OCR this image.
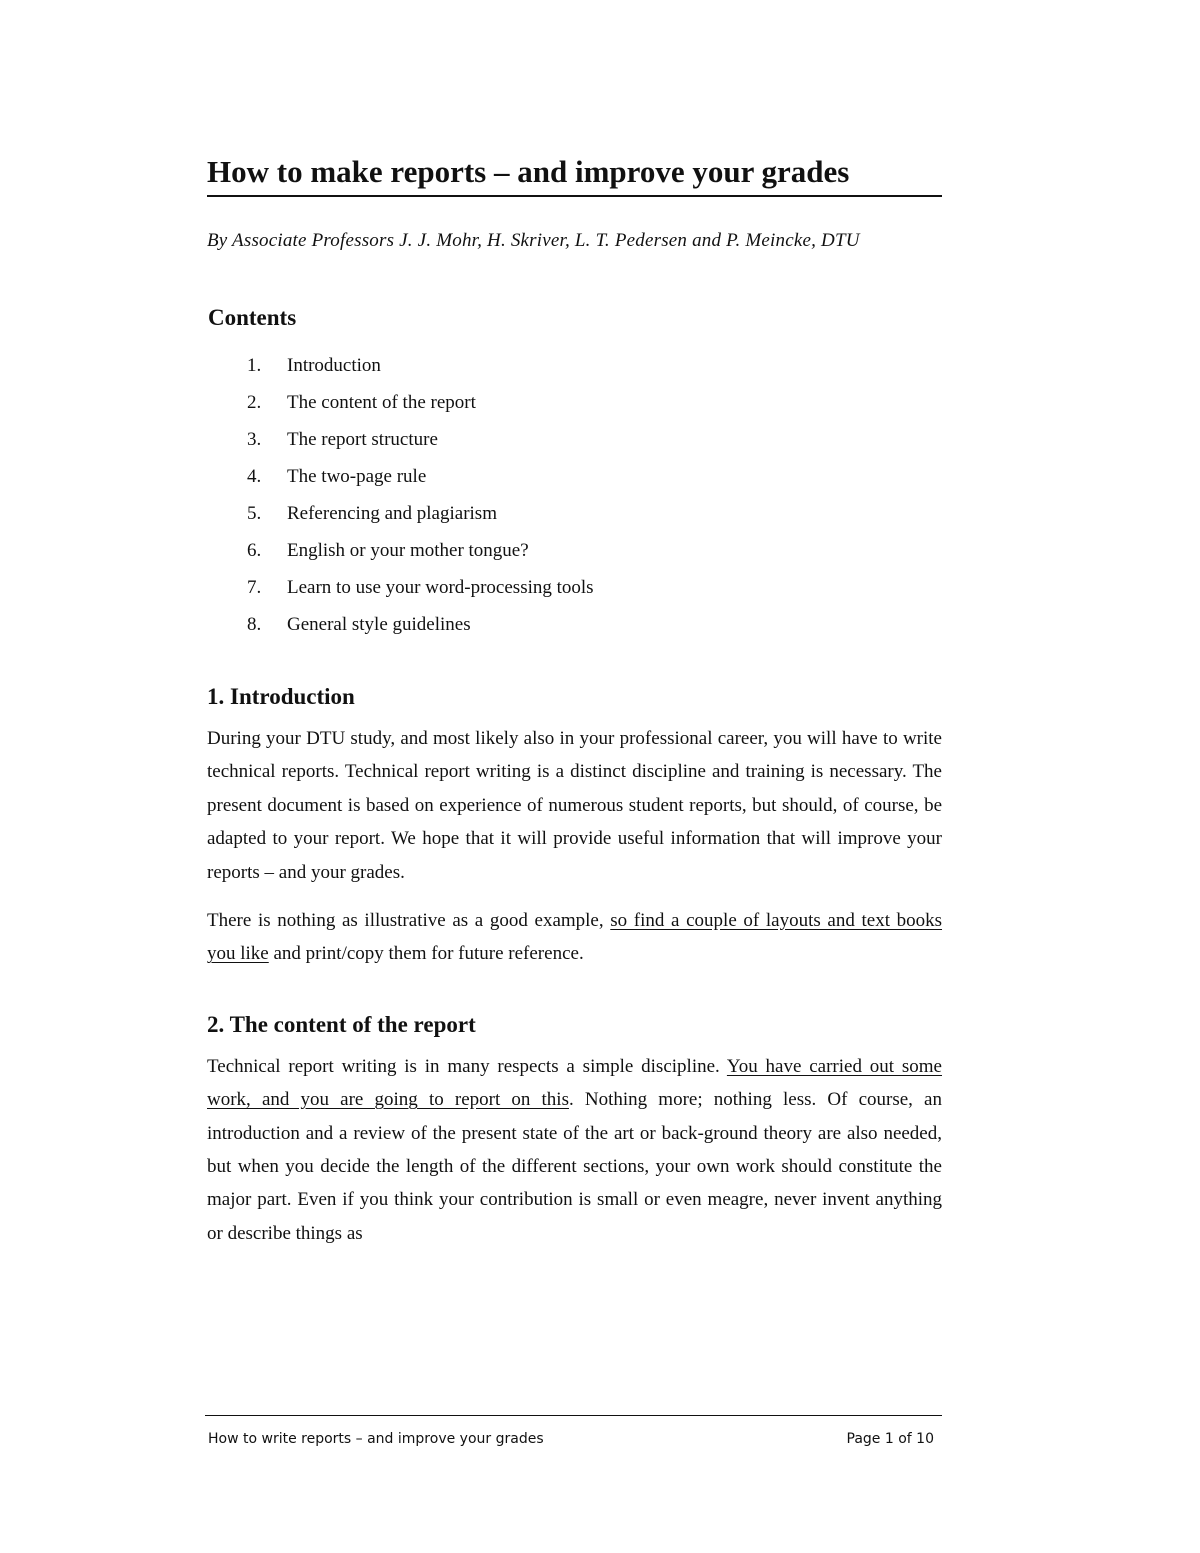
How to make reports – and improve your grades

By Associate Professors J. J. Mohr, H. Skriver, L. T. Pedersen and P. Meincke, DTU

Contents
1.	Introduction
2.	The content of the report
3.	The report structure
4.	The two-page rule
5.	Referencing and plagiarism
6.	English or your mother tongue?
7.	Learn to use your word-processing tools
8.	General style guidelines
1. Introduction

During your DTU study, and most likely also in your professional career, you will have to write technical reports. Technical report writing is a distinct discipline and training is necessary. The present document is based on experience of numerous student reports, but should, of course, be adapted to your report. We hope that it will provide useful information that will improve your reports – and your grades.

There is nothing as illustrative as a good example, so find a couple of layouts and text books you like and print/copy them for future reference.

2. The content of the report

Technical report writing is in many respects a simple discipline. You have carried out some work, and you are going to report on this. Nothing more; nothing less. Of course, an introduction and a review of the present state of the art or back-ground theory are also needed, but when you decide the length of the different sections, your own work should constitute the major part. Even if you think your contribution is small or even meagre, never invent anything or describe things as

How to write reports – and improve your grades	Page 1 of 10
